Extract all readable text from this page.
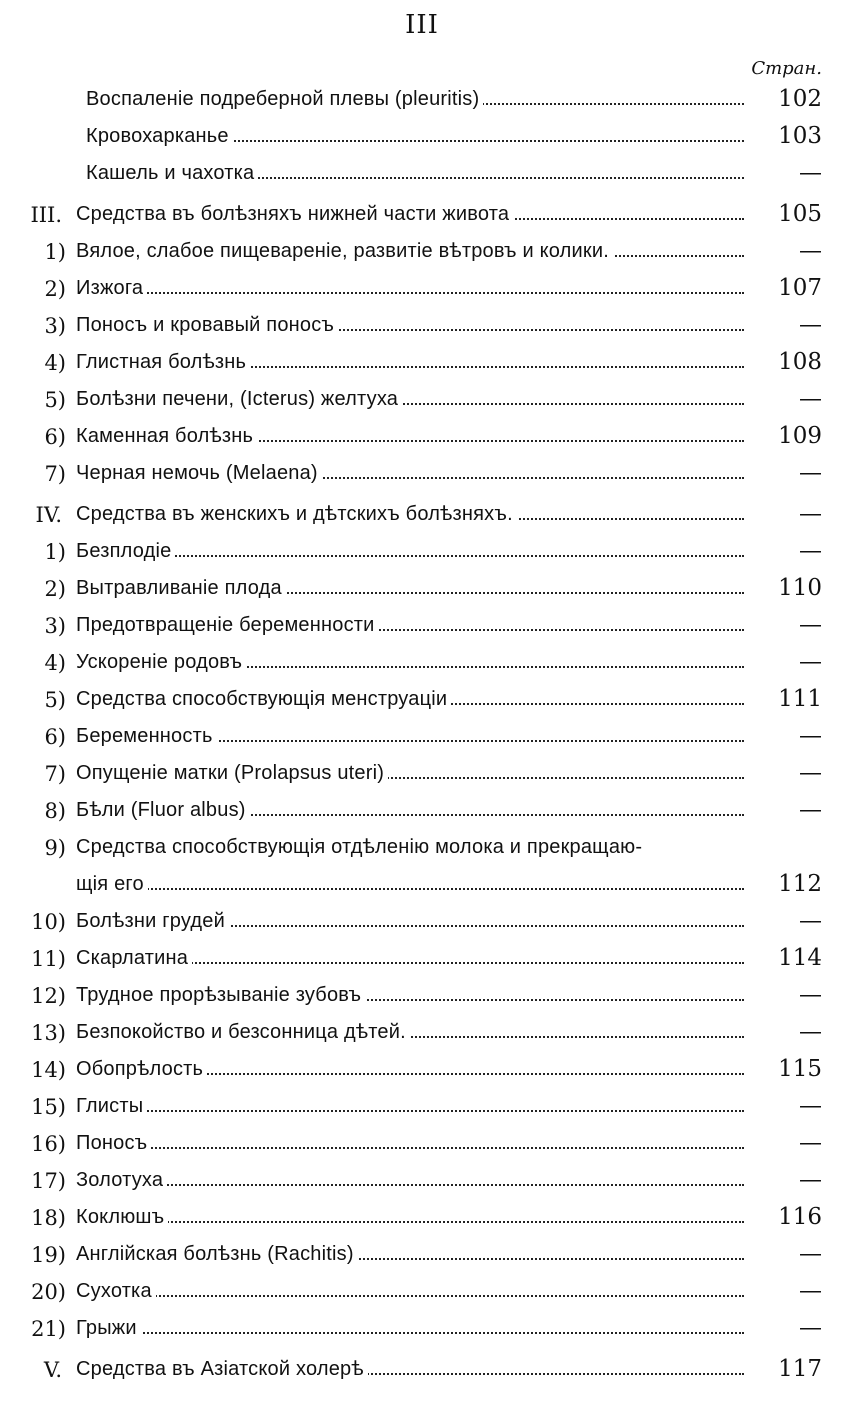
III
Стран.
Воспаленіе подреберной плевы (pleuritis)	102
Кровохарканье	103
Кашель и чахотка	—
III. Средства въ болѣзняхъ нижней части живота	105
1) Вялое, слабое пищевареніе, развитіе вѣтровъ и колики.	—
2) Изжога	107
3) Поносъ и кровавый поносъ	—
4) Глистная болѣзнь	108
5) Болѣзни печени, (Icterus) желтуха	—
6) Каменная болѣзнь	109
7) Черная немочь (Melaena)	—
IV. Средства въ женскихъ и дѣтскихъ болѣзняхъ.	—
1) Безплодіе	—
2) Вытравливаніе плода	110
3) Предотвращеніе беременности	—
4) Ускореніе родовъ	—
5) Средства способствующія менструаціи	111
6) Беременность	—
7) Опущеніе матки (Prolapsus uteri)	—
8) Бѣли (Fluor albus)	—
9) Средства способствующія отдѣленію молока и прекращаю-
щія его	112
10) Болѣзни грудей	—
11) Скарлатина	114
12) Трудное прорѣзываніе зубовъ	—
13) Безпокойство и безсонница дѣтей.	—
14) Обопрѣлость	115
15) Глисты	—
16) Поносъ	—
17) Золотуха	—
18) Коклюшъ	116
19) Англійская болѣзнь (Rachitis)	—
20) Сухотка	—
21) Грыжи	—
V. Средства въ Азіатской холерѣ	117
